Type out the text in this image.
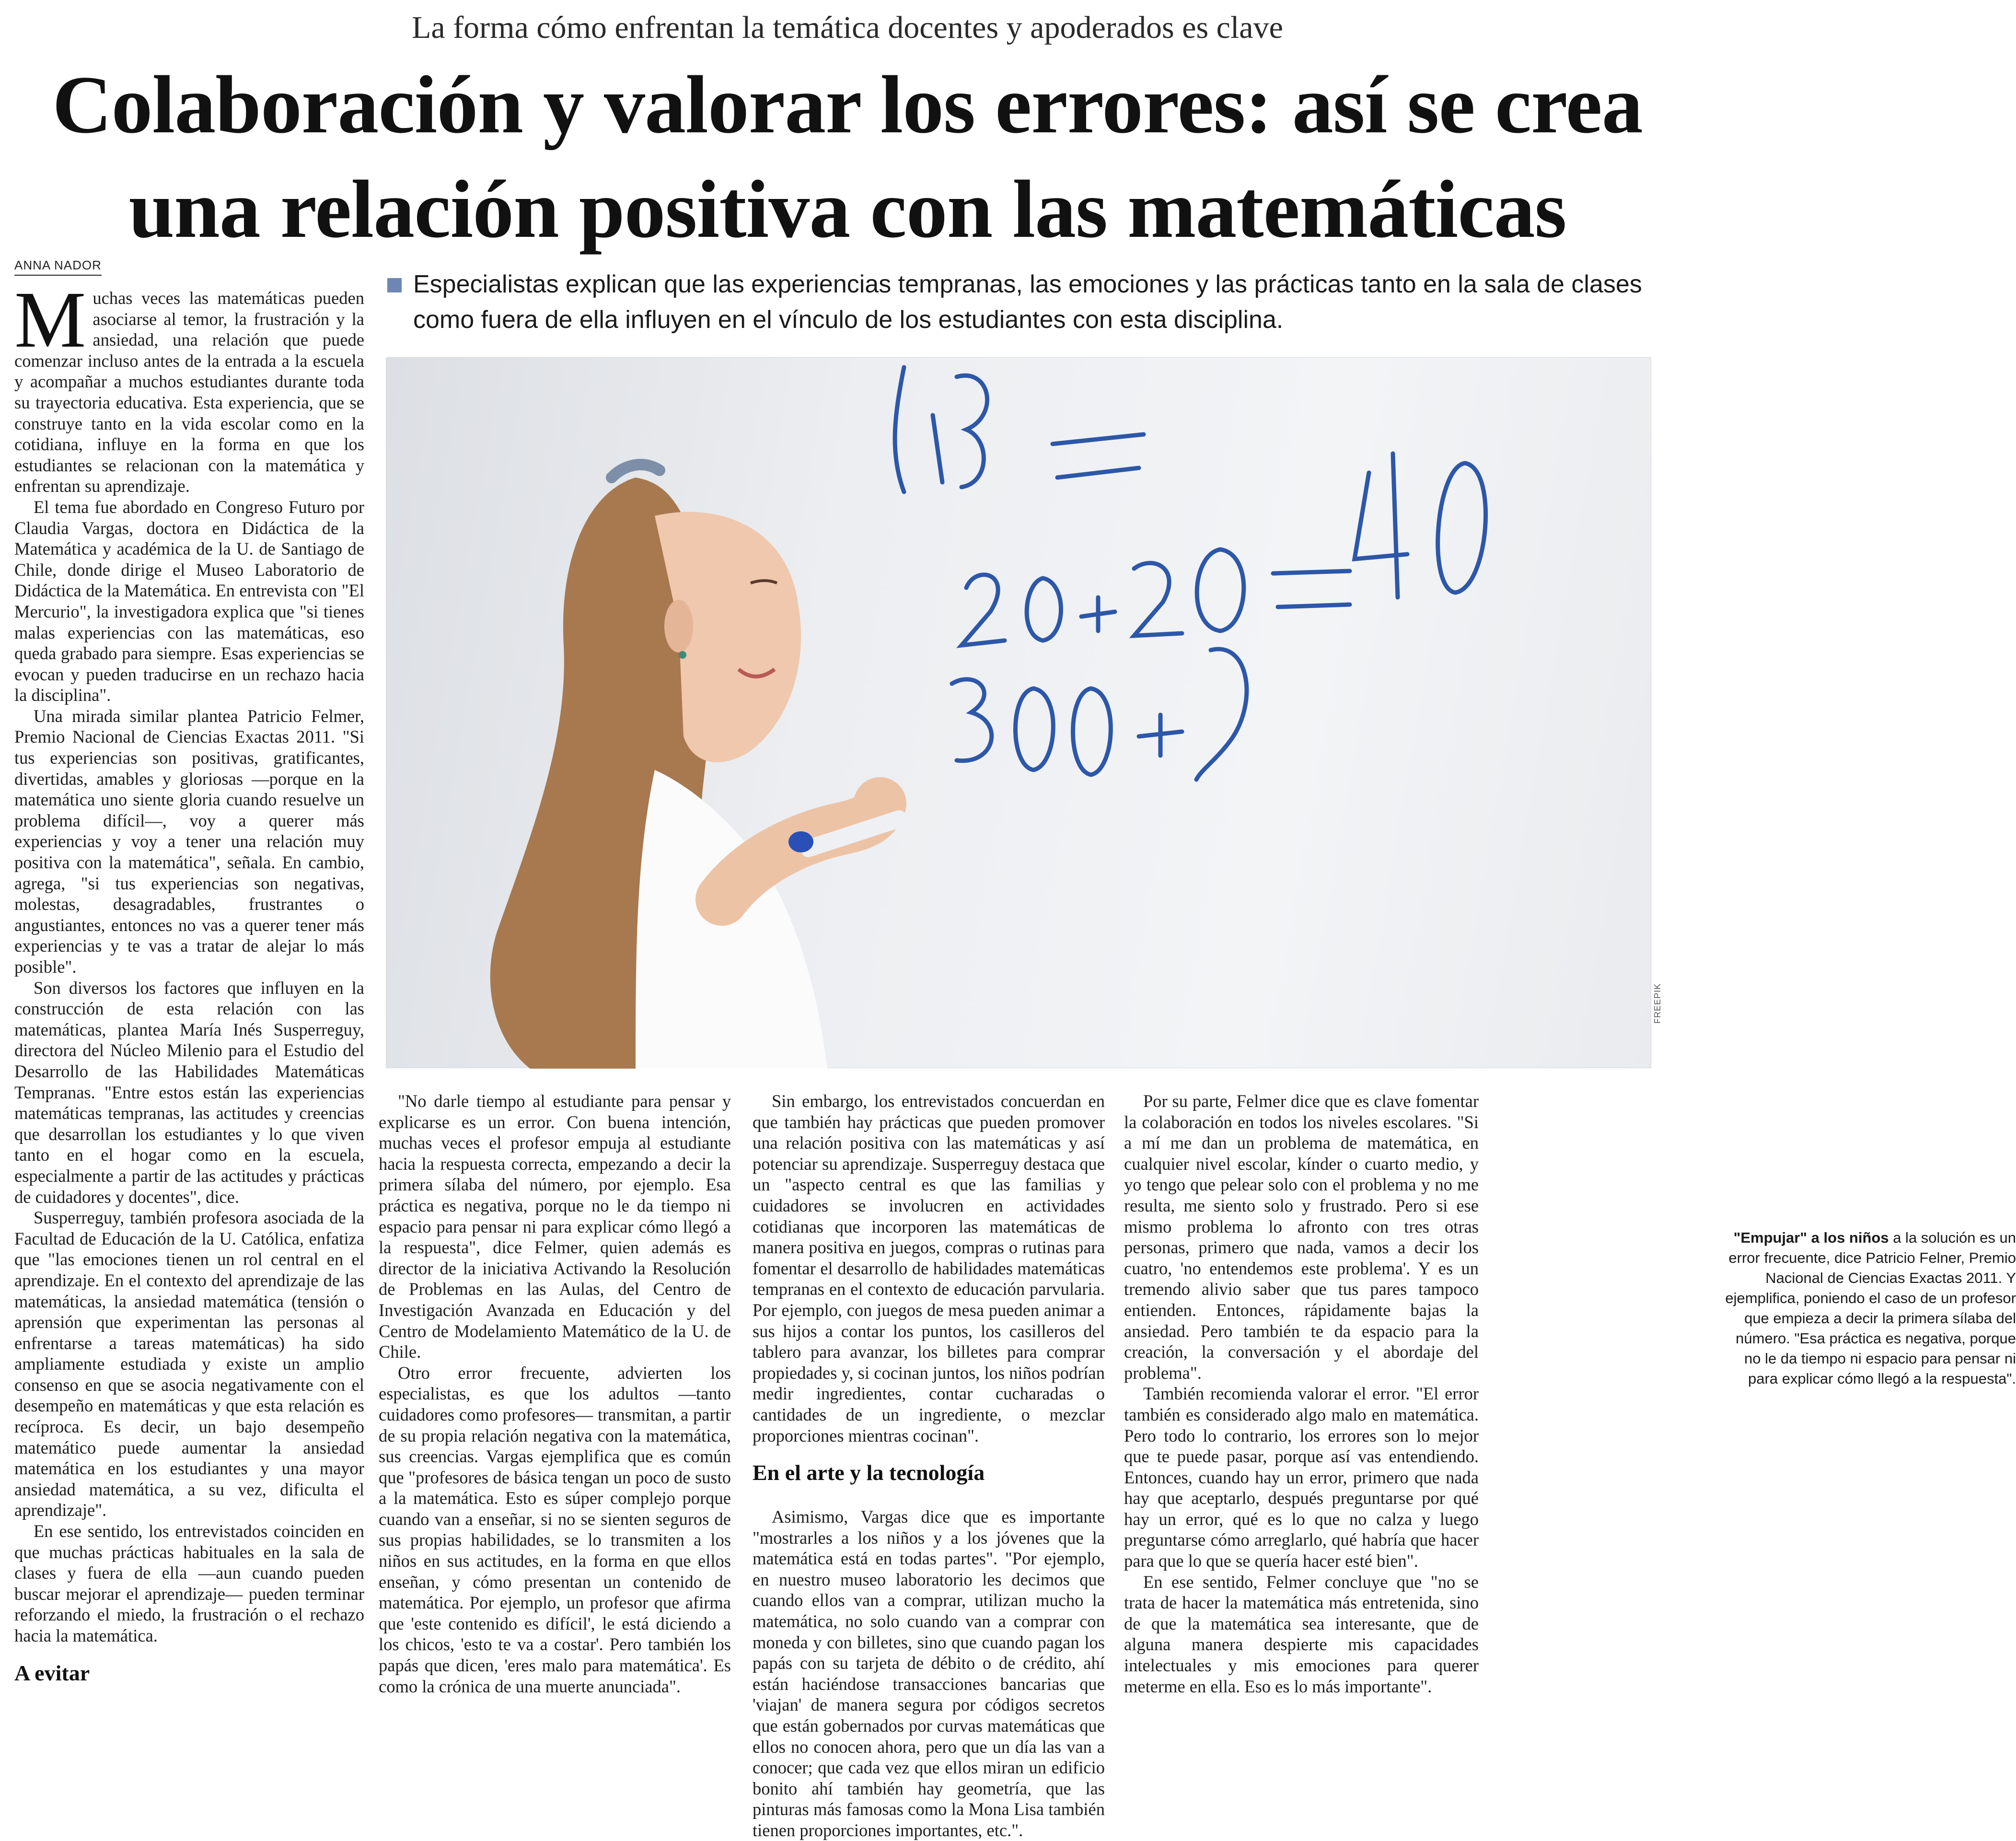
La forma cómo enfrentan la temática docentes y apoderados es clave
Colaboración y valorar los errores: así se crea
una relación positiva con las matemáticas
ANNA NADOR
Especialistas explican que las experiencias tempranas, las emociones y las prácticas tanto en la sala de clases como fuera de ella influyen en el vínculo de los estudiantes con esta disciplina.
"Empujar" a los niños a la solución es un error frecuente, dice Patricio Felner, Premio Nacional de Ciencias Exactas 2011. Y ejemplifica, poniendo el caso de un profesor que empieza a decir la primera sílaba del número. "Esa práctica es negativa, porque no le da tiempo ni espacio para pensar ni para explicar cómo llegó a la respuesta".
FREEPIK

Muchas veces las matemáticas pueden asociarse al temor, la frustración y la ansiedad, una relación que puede comenzar incluso antes de la entrada a la escuela y acompañar a muchos estudiantes durante toda su trayectoria educativa. Esta experiencia, que se construye tanto en la vida escolar como en la cotidiana, influye en la forma en que los estudiantes se relacionan con la matemática y enfrentan su aprendizaje.

El tema fue abordado en Congreso Futuro por Claudia Vargas, doctora en Didáctica de la Matemática y académica de la U. de Santiago de Chile, donde dirige el Museo Laboratorio de Didáctica de la Matemática. En entrevista con "El Mercurio", la investigadora explica que "si tienes malas experiencias con las matemáticas, eso queda grabado para siempre. Esas experiencias se evocan y pueden traducirse en un rechazo hacia la disciplina".

Una mirada similar plantea Patricio Felmer, Premio Nacional de Ciencias Exactas 2011. "Si tus experiencias son positivas, gratificantes, divertidas, amables y gloriosas —porque en la matemática uno siente gloria cuando resuelve un problema difícil—, voy a querer más experiencias y voy a tener una relación muy positiva con la matemática", señala. En cambio, agrega, "si tus experiencias son negativas, molestas, desagradables, frustrantes o angustiantes, entonces no vas a querer tener más experiencias y te vas a tratar de alejar lo más posible".

Son diversos los factores que influyen en la construcción de esta relación con las matemáticas, plantea María Inés Susperreguy, directora del Núcleo Milenio para el Estudio del Desarrollo de las Habilidades Matemáticas Tempranas. "Entre estos están las experiencias matemáticas tempranas, las actitudes y creencias que desarrollan los estudiantes y lo que viven tanto en el hogar como en la escuela, especialmente a partir de las actitudes y prácticas de cuidadores y docentes", dice.

Susperreguy, también profesora asociada de la Facultad de Educación de la U. Católica, enfatiza que "las emociones tienen un rol central en el aprendizaje. En el contexto del aprendizaje de las matemáticas, la ansiedad matemática (tensión o aprensión que experimentan las personas al enfrentarse a tareas matemáticas) ha sido ampliamente estudiada y existe un amplio consenso en que se asocia negativamente con el desempeño en matemáticas y que esta relación es recíproca. Es decir, un bajo desempeño matemático puede aumentar la ansiedad matemática en los estudiantes y una mayor ansiedad matemática, a su vez, dificulta el aprendizaje".

En ese sentido, los entrevistados coinciden en que muchas prácticas habituales en la sala de clases y fuera de ella —aun cuando pueden buscar mejorar el aprendizaje— pueden terminar reforzando el miedo, la frustración o el rechazo hacia la matemática.

A evitar

"No darle tiempo al estudiante para pensar y explicarse es un error. Con buena intención, muchas veces el profesor empuja al estudiante hacia la respuesta correcta, empezando a decir la primera sílaba del número, por ejemplo. Esa práctica es negativa, porque no le da tiempo ni espacio para pensar ni para explicar cómo llegó a la respuesta", dice Felmer, quien además es director de la iniciativa Activando la Resolución de Problemas en las Aulas, del Centro de Investigación Avanzada en Educación y del Centro de Modelamiento Matemático de la U. de Chile.

Otro error frecuente, advierten los especialistas, es que los adultos —tanto cuidadores como profesores— transmitan, a partir de su propia relación negativa con la matemática, sus creencias. Vargas ejemplifica que es común que "profesores de básica tengan un poco de susto a la matemática. Esto es súper complejo porque cuando van a enseñar, si no se sienten seguros de sus propias habilidades, se lo transmiten a los niños en sus actitudes, en la forma en que ellos enseñan, y cómo presentan un contenido de matemática. Por ejemplo, un profesor que afirma que 'este contenido es difícil', le está diciendo a los chicos, 'esto te va a costar'. Pero también los papás que dicen, 'eres malo para matemática'. Es como la crónica de una muerte anunciada".

Sin embargo, los entrevistados concuerdan en que también hay prácticas que pueden promover una relación positiva con las matemáticas y así potenciar su aprendizaje. Susperreguy destaca que un "aspecto central es que las familias y cuidadores se involucren en actividades cotidianas que incorporen las matemáticas de manera positiva en juegos, compras o rutinas para fomentar el desarrollo de habilidades matemáticas tempranas en el contexto de educación parvularia. Por ejemplo, con juegos de mesa pueden animar a sus hijos a contar los puntos, los casilleros del tablero para avanzar, los billetes para comprar propiedades y, si cocinan juntos, los niños podrían medir ingredientes, contar cucharadas o cantidades de un ingrediente, o mezclar proporciones mientras cocinan".

En el arte y la tecnología

Asimismo, Vargas dice que es importante "mostrarles a los niños y a los jóvenes que la matemática está en todas partes". "Por ejemplo, en nuestro museo laboratorio les decimos que cuando ellos van a comprar, utilizan mucho la matemática, no solo cuando van a comprar con moneda y con billetes, sino que cuando pagan los papás con su tarjeta de débito o de crédito, ahí están haciéndose transacciones bancarias que 'viajan' de manera segura por códigos secretos que están gobernados por curvas matemáticas que ellos no conocen ahora, pero que un día las van a conocer; que cada vez que ellos miran un edificio bonito ahí también hay geometría, que las pinturas más famosas como la Mona Lisa también tienen proporciones importantes, etc.".

Por su parte, Felmer dice que es clave fomentar la colaboración en todos los niveles escolares. "Si a mí me dan un problema de matemática, en cualquier nivel escolar, kínder o cuarto medio, y yo tengo que pelear solo con el problema y no me resulta, me siento solo y frustrado. Pero si ese mismo problema lo afronto con tres otras personas, primero que nada, vamos a decir los cuatro, 'no entendemos este problema'. Y es un tremendo alivio saber que tus pares tampoco entienden. Entonces, rápidamente bajas la ansiedad. Pero también te da espacio para la creación, la conversación y el abordaje del problema".

También recomienda valorar el error. "El error también es considerado algo malo en matemática. Pero todo lo contrario, los errores son lo mejor que te puede pasar, porque así vas entendiendo. Entonces, cuando hay un error, primero que nada hay que aceptarlo, después preguntarse por qué hay un error, qué es lo que no calza y luego preguntarse cómo arreglarlo, qué habría que hacer para que lo que se quería hacer esté bien".

En ese sentido, Felmer concluye que "no se trata de hacer la matemática más entretenida, sino de que la matemática sea interesante, que de alguna manera despierte mis capacidades intelectuales y mis emociones para querer meterme en ella. Eso es lo más importante".
